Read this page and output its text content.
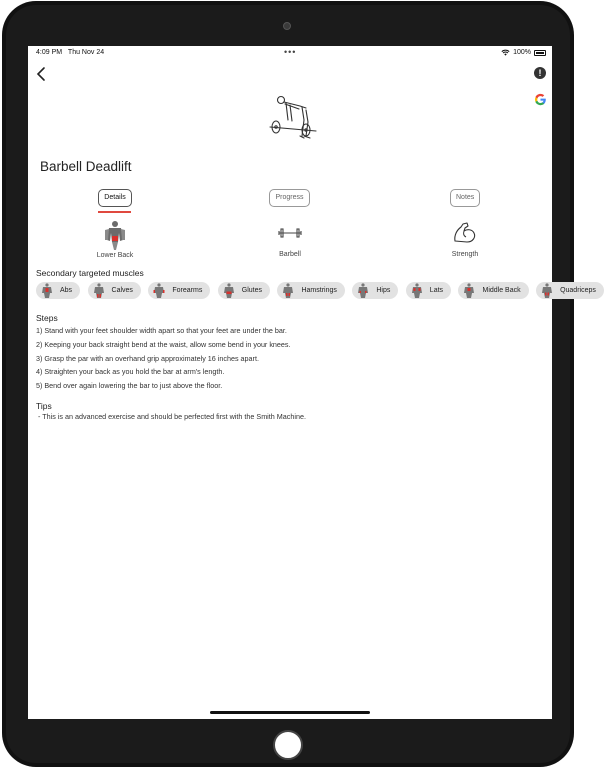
4:09 PM Thu Nov 24	•••	100%
!
Barbell Deadlift
Details	Progress	Notes
Lower Back	Barbell	Strength
Secondary targeted muscles
Abs
	Calves
	Forearms
	Glutes
	Hamstrings
	Hips
	Lats
	Middle Back
	Quadriceps
Steps
1) Stand with your feet shoulder width apart so that your feet are under the bar.
2) Keeping your back straight bend at the waist, allow some bend in your knees.
3) Grasp the par with an overhand grip approximately 16 inches apart.
4) Straighten your back as you hold the bar at arm's length.
5) Bend over again lowering the bar to just above the floor.
Tips
- This is an advanced exercise and should be perfected first with the Smith Machine.
